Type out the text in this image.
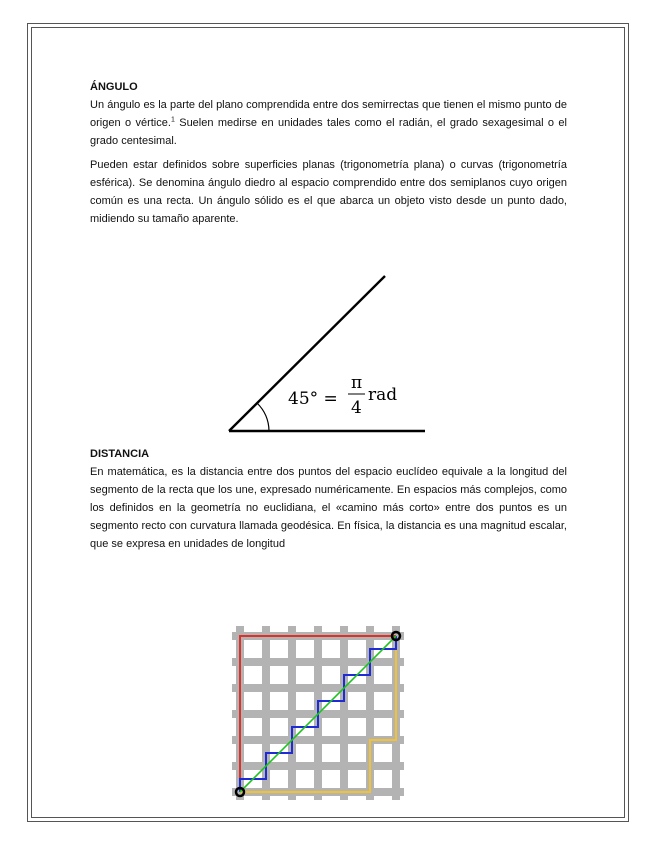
ÁNGULO

Un ángulo es la parte del plano comprendida entre dos semirrectas que tienen el mismo punto de origen o vértice.$^1$ Suelen medirse en unidades tales como el radián, el grado sexagesimal o el grado centesimal.

Pueden estar definidos sobre superficies planas (trigonometría plana) o curvas (trigonometría esférica). Se denomina ángulo diedro al espacio comprendido entre dos semiplanos cuyo origen común es una recta. Un ángulo sólido es el que abarca un objeto visto desde un punto dado, midiendo su tamaño aparente.

45° =
π
4
rad
DISTANCIA

En matemática, es la distancia entre dos puntos del espacio euclídeo equivale a la longitud del segmento de la recta que los une, expresado numéricamente. En espacios más complejos, como los definidos en la geometría no euclidiana, el «camino más corto» entre dos puntos es un segmento recto con curvatura llamada geodésica. En física, la distancia es una magnitud escalar, que se expresa en unidades de longitud
